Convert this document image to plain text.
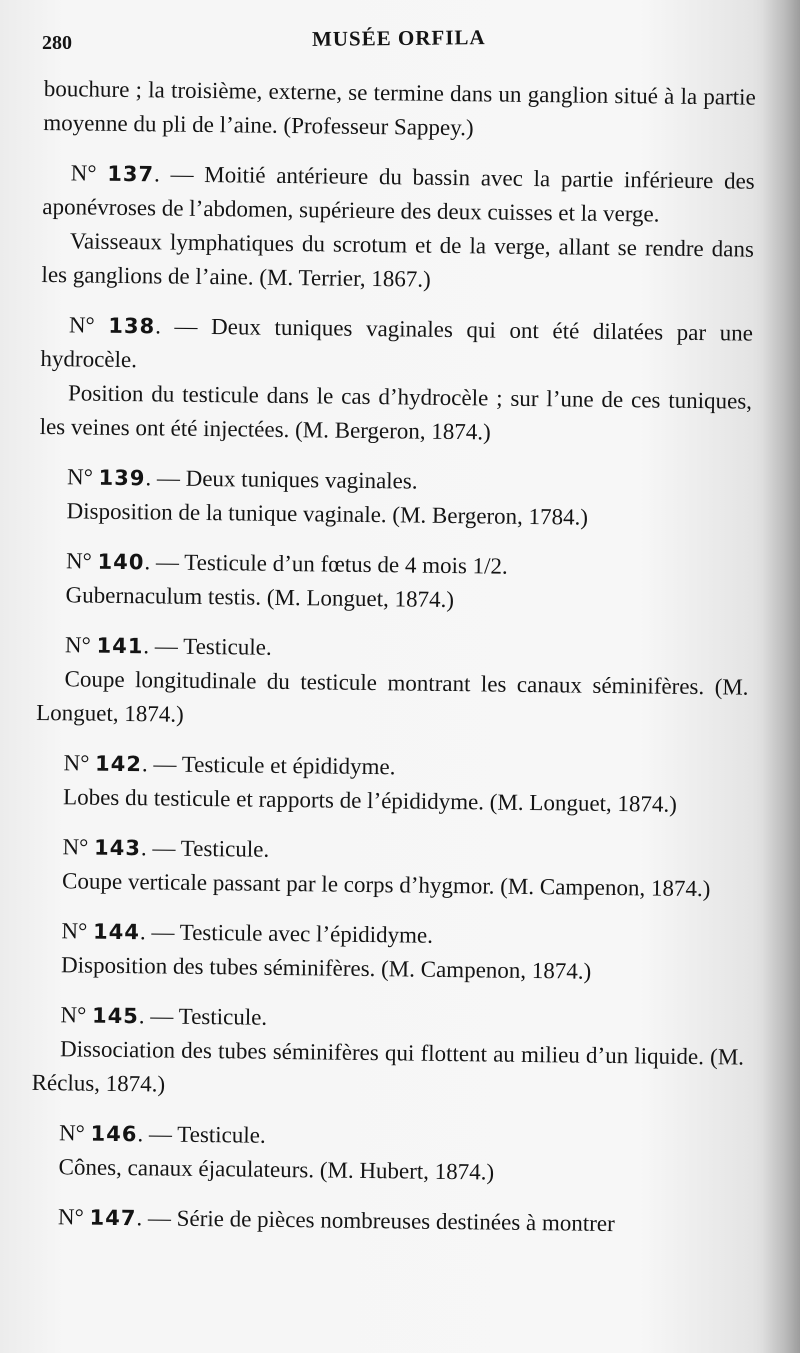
280	MUSÉE ORFILA

bouchure ; la troisième, externe, se termine dans un ganglion situé à la partie moyenne du pli de l’aine. (Professeur Sappey.)

N° 137. — Moitié antérieure du bassin avec la partie inférieure des aponévroses de l’abdomen, supérieure des deux cuisses et la verge.

Vaisseaux lymphatiques du scrotum et de la verge, allant se rendre dans les ganglions de l’aine. (M. Terrier, 1867.)

N° 138. — Deux tuniques vaginales qui ont été dilatées par une hydrocèle.

Position du testicule dans le cas d’hydrocèle ; sur l’une de ces tuniques, les veines ont été injectées. (M. Bergeron, 1874.)

N° 139. — Deux tuniques vaginales.

Disposition de la tunique vaginale. (M. Bergeron, 1784.)

N° 140. — Testicule d’un fœtus de 4 mois 1/2.

Gubernaculum testis. (M. Longuet, 1874.)

N° 141. — Testicule.

Coupe longitudinale du testicule montrant les canaux séminifères. (M. Longuet, 1874.)

N° 142. — Testicule et épididyme.

Lobes du testicule et rapports de l’épididyme. (M. Longuet, 1874.)

N° 143. — Testicule.

Coupe verticale passant par le corps d’hygmor. (M. Campenon, 1874.)

N° 144. — Testicule avec l’épididyme.

Disposition des tubes séminifères. (M. Campenon, 1874.)

N° 145. — Testicule.

Dissociation des tubes séminifères qui flottent au milieu d’un liquide. (M. Réclus, 1874.)

N° 146. — Testicule.

Cônes, canaux éjaculateurs. (M. Hubert, 1874.)

N° 147. — Série de pièces nombreuses destinées à montrer
